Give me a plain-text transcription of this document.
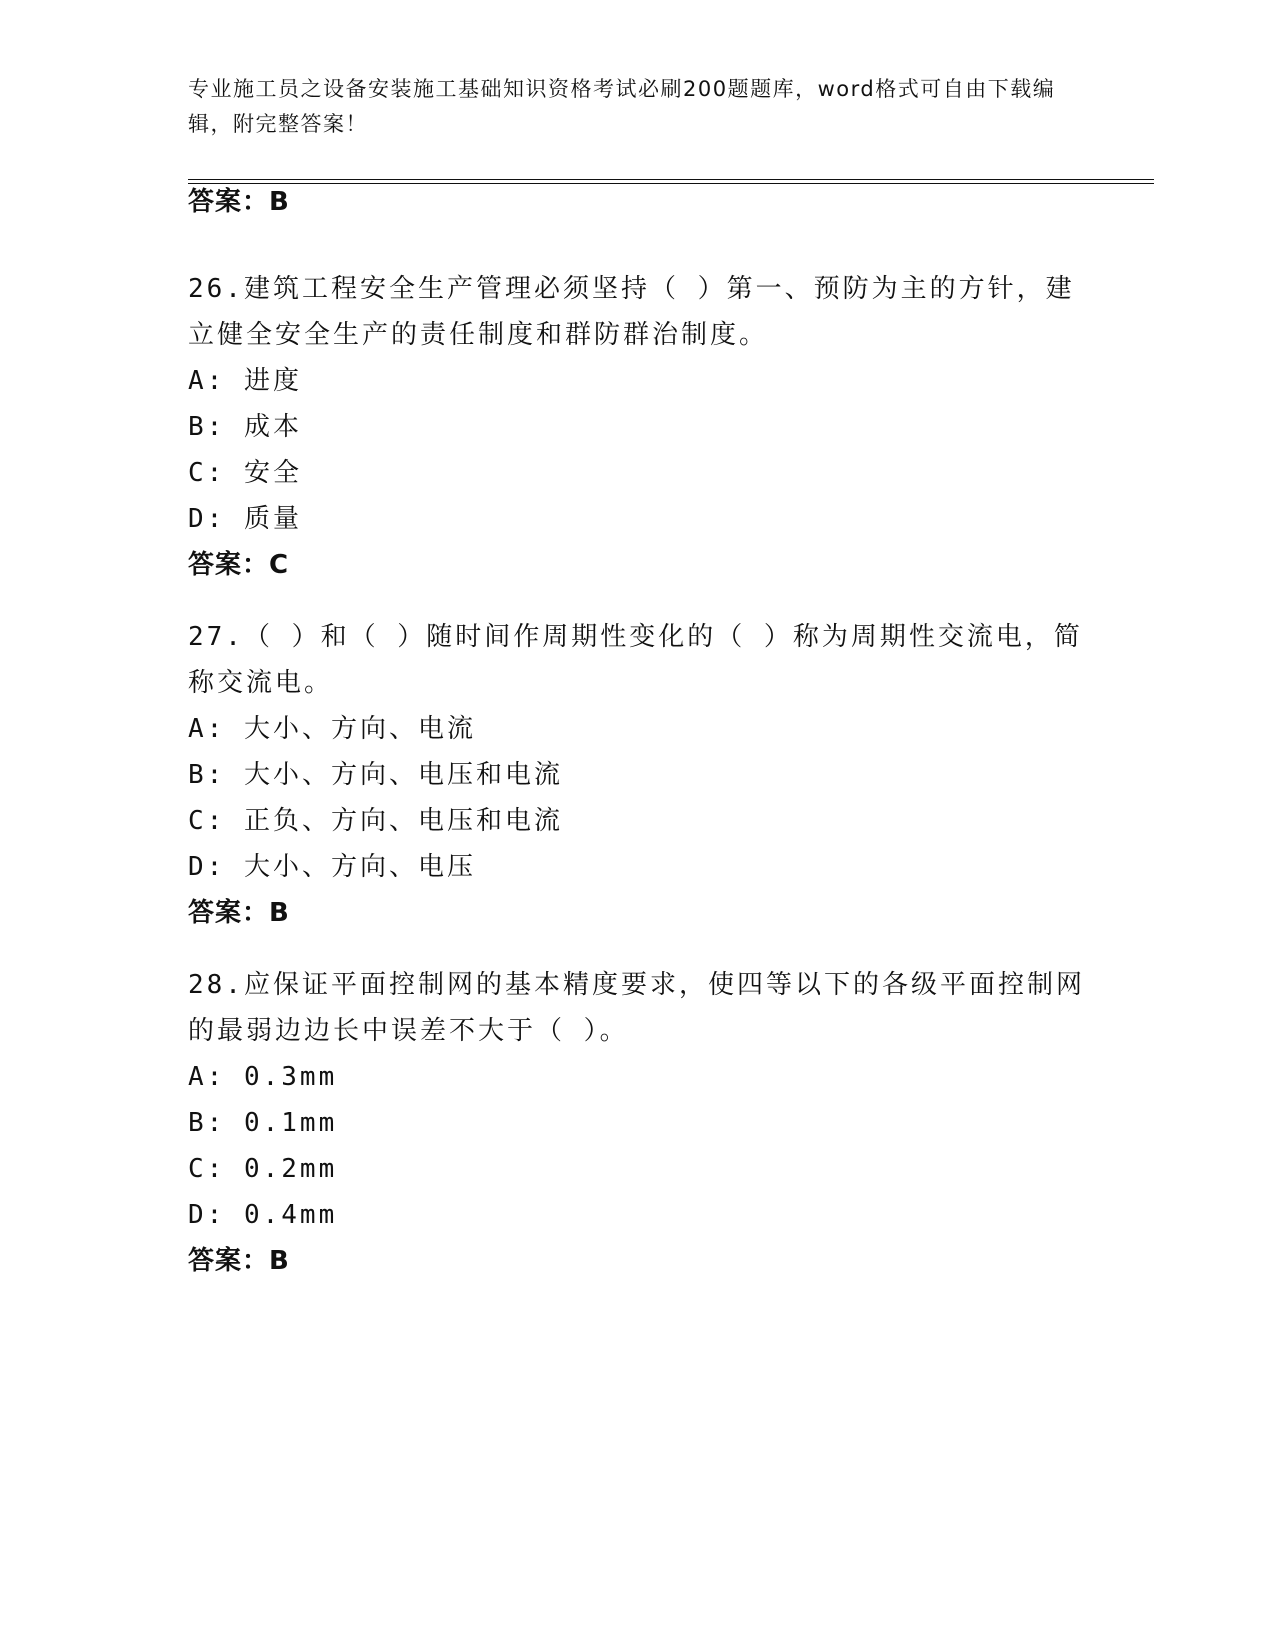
专业施工员之设备安装施工基础知识资格考试必刷200题题库，word格式可自由下载编辑，附完整答案！
答案：B

26.建筑工程安全生产管理必须坚持（ ）第一、预防为主的方针，建立健全安全生产的责任制度和群防群治制度。

A: 进度

B: 成本

C: 安全

D: 质量

答案：C

27.（ ）和（ ）随时间作周期性变化的（ ）称为周期性交流电，简称交流电。

A: 大小、方向、电流

B: 大小、方向、电压和电流

C: 正负、方向、电压和电流

D: 大小、方向、电压

答案：B

28.应保证平面控制网的基本精度要求，使四等以下的各级平面控制网的最弱边边长中误差不大于（ ）。

A: 0.3mm

B: 0.1mm

C: 0.2mm

D: 0.4mm

答案：B
